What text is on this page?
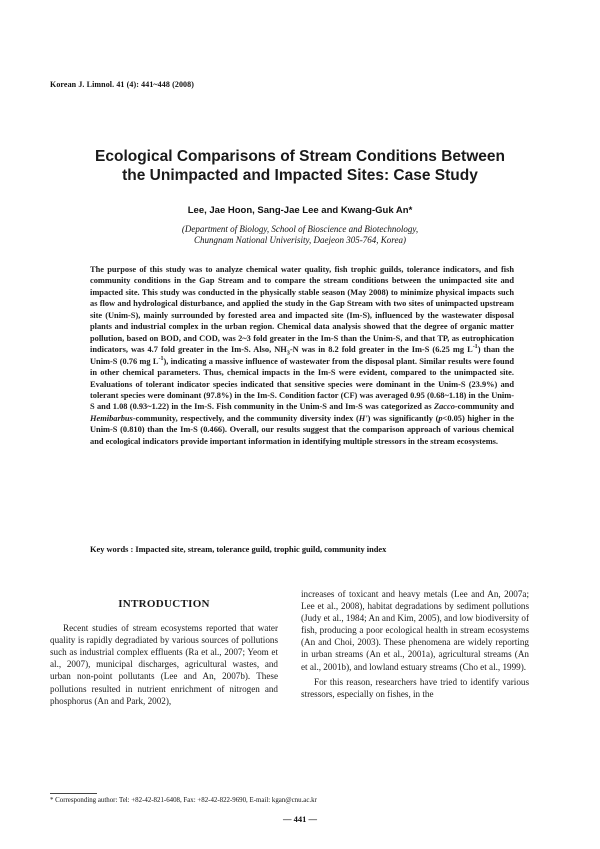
Korean J. Limnol. 41 (4): 441~448 (2008)
Ecological Comparisons of Stream Conditions Between
the Unimpacted and Impacted Sites: Case Study
Lee, Jae Hoon, Sang-Jae Lee and Kwang-Guk An*
(Department of Biology, School of Bioscience and Biotechnology,
Chungnam National Univerisity, Daejeon 305-764, Korea)
The purpose of this study was to analyze chemical water quality, fish trophic guilds, tolerance indicators, and fish community conditions in the Gap Stream and to compare the stream conditions between the unimpacted site and impacted site. This study was conducted in the physically stable season (May 2008) to minimize physical impacts such as flow and hydrological disturbance, and applied the study in the Gap Stream with two sites of unimpacted upstream site (Unim-S), mainly surrounded by forested area and impacted site (Im-S), influenced by the wastewater disposal plants and industrial complex in the urban region. Chemical data analysis showed that the degree of organic matter pollution, based on BOD, and COD, was 2~3 fold greater in the Im-S than the Unim-S, and that TP, as eutrophication indicators, was 4.7 fold greater in the Im-S. Also, $NH_3-N$ was in 8.2 fold greater in the Im-S (6.25 mg $L^{-1}$) than the Unim-S (0.76 mg $L^{-1}$), indicating a massive influence of wastewater from the disposal plant. Similar results were found in other chemical parameters. Thus, chemical impacts in the Im-S were evident, compared to the unimpacted site. Evaluations of tolerant indicator species indicated that sensitive species were dominant in the Unim-S (23.9%) and tolerant species were dominant (97.8%) in the Im-S. Condition factor (CF) was averaged 0.95 (0.68~1.18) in the Unim-S and 1.08 (0.93~1.22) in the Im-S. Fish community in the Unim-S and Im-S was categorized as Zacco-community and Hemibarbus-community, respectively, and the community diversity index (H') was significantly (p<0.05) higher in the Unim-S (0.810) than the Im-S (0.466). Overall, our results suggest that the comparison approach of various chemical and ecological indicators provide important information in identifying multiple stressors in the stream ecosystems.
Key words : Impacted site, stream, tolerance guild, trophic guild, community index
INTRODUCTION

Recent studies of stream ecosystems reported that water quality is rapidly degradiated by various sources of pollutions such as industrial complex effluents (Ra et al., 2007; Yeom et al., 2007), municipal discharges, agricultural wastes, and urban non-point pollutants (Lee and An, 2007b). These pollutions resulted in nutrient enrichment of nitrogen and phosphorus (An and Park, 2002),

increases of toxicant and heavy metals (Lee and An, 2007a; Lee et al., 2008), habitat degradations by sediment pollutions (Judy et al., 1984; An and Kim, 2005), and low biodiversity of fish, producing a poor ecological health in stream ecosystems (An and Choi, 2003). These phenomena are widely reporting in urban streams (An et al., 2001a), agricultural streams (An et al., 2001b), and lowland estuary streams (Cho et al., 1999).

For this reason, researchers have tried to identify various stressors, especially on fishes, in the

* Corresponding author: Tel: +82-42-821-6408, Fax: +82-42-822-9690, E-mail: kgan@cnu.ac.kr
— 441 —
